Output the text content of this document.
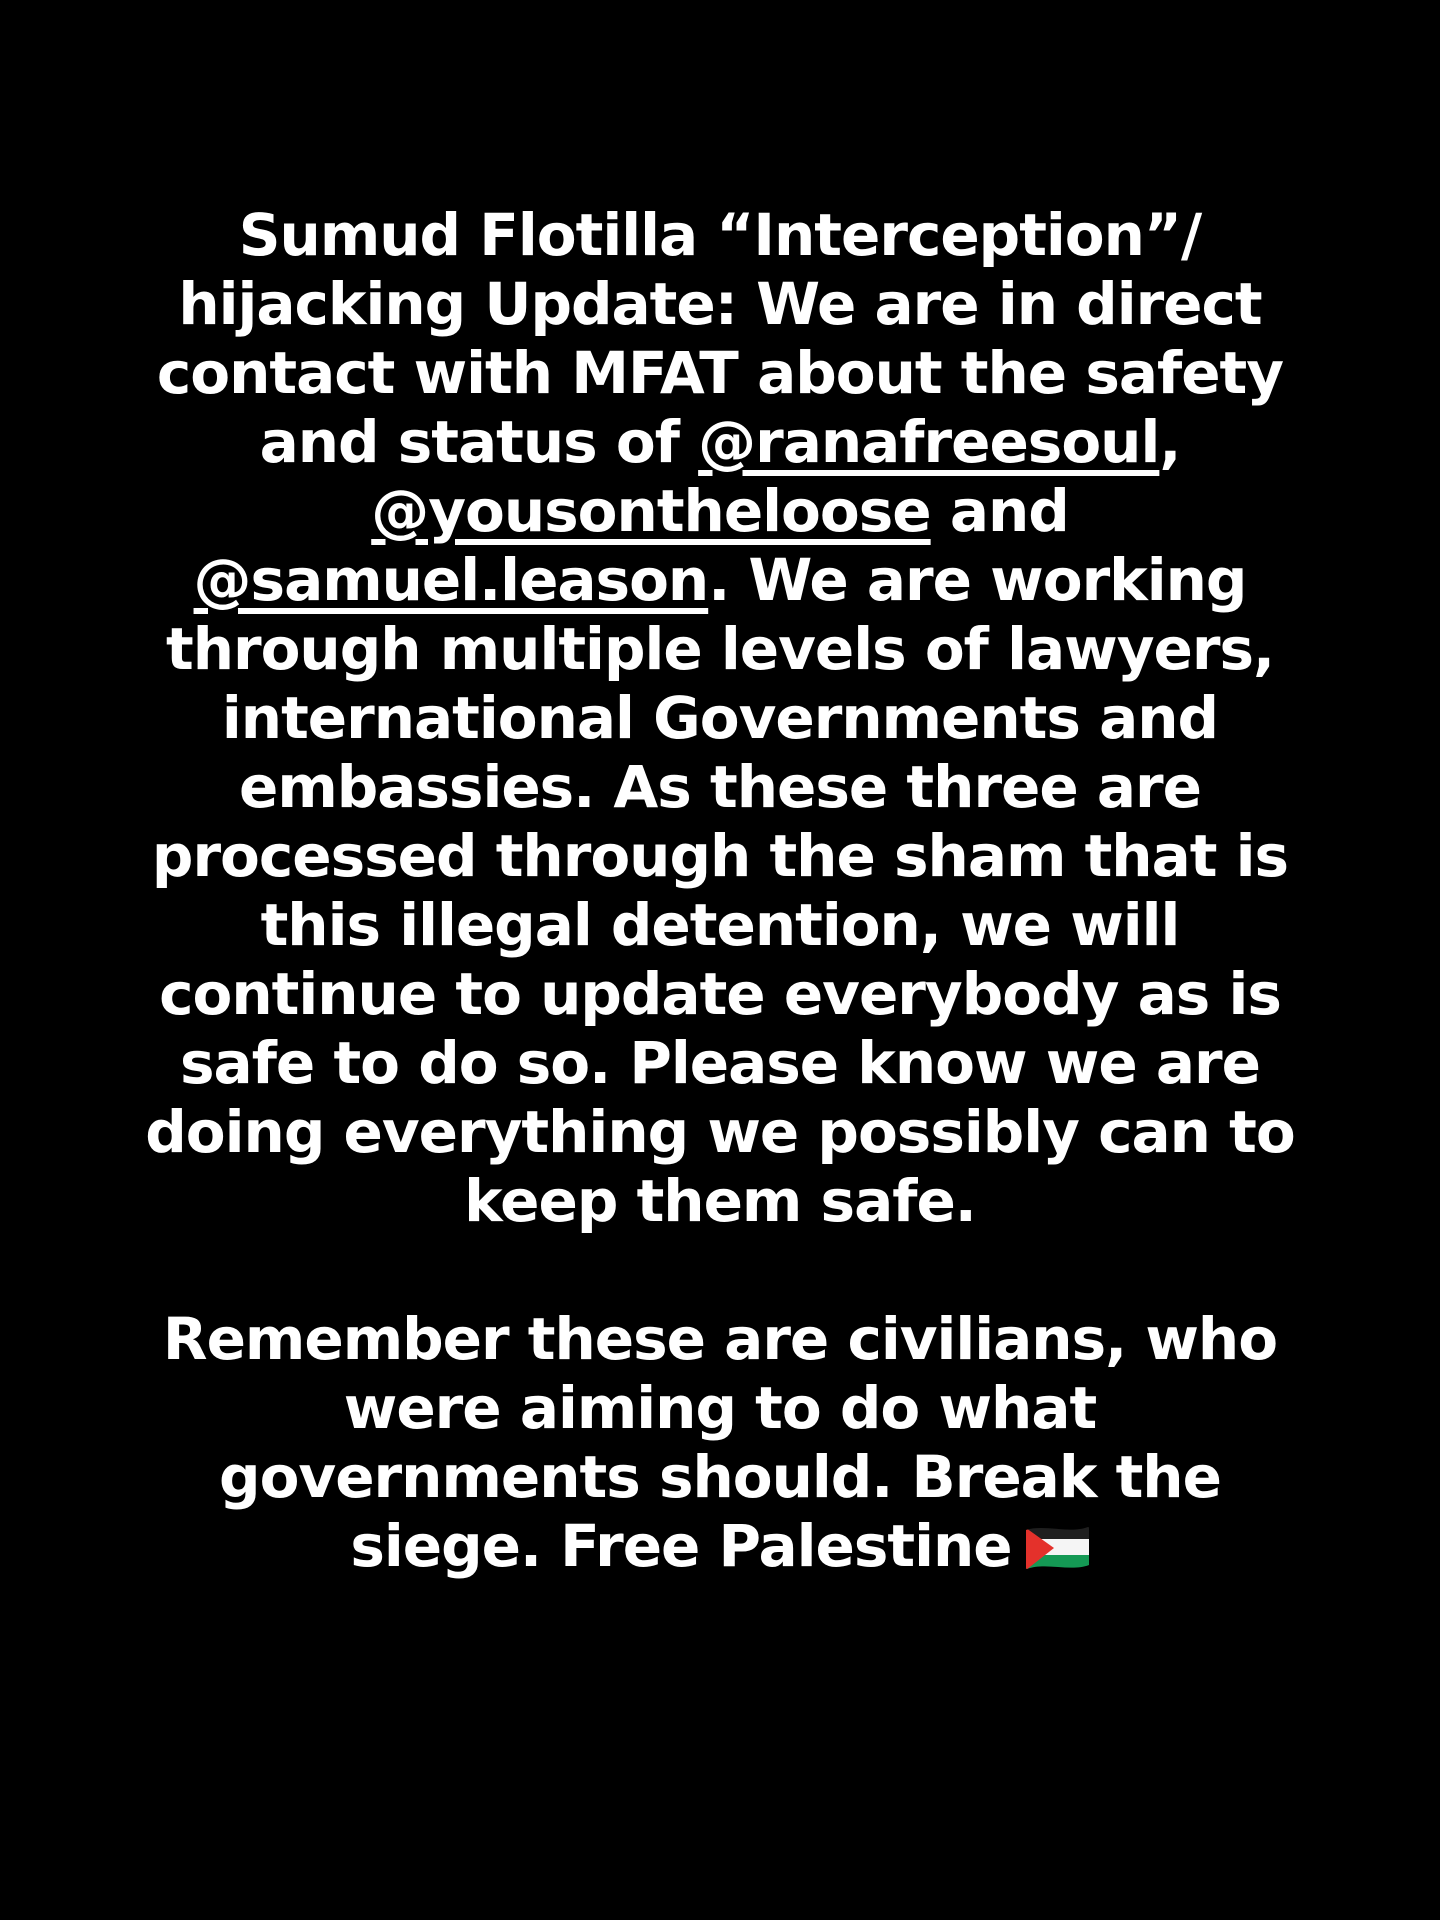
Sumud Flotilla “Interception”/
hijacking Update: We are in direct
contact with MFAT about the safety
and status of @ranafreesoul,
@yousontheloose and
@samuel.leason. We are working
through multiple levels of lawyers,
international Governments and
embassies. As these three are
processed through the sham that is
this illegal detention, we will
continue to update everybody as is
safe to do so. Please know we are
doing everything we possibly can to
keep them safe.
Remember these are civilians, who
were aiming to do what
governments should. Break the
siege. Free Palestine
